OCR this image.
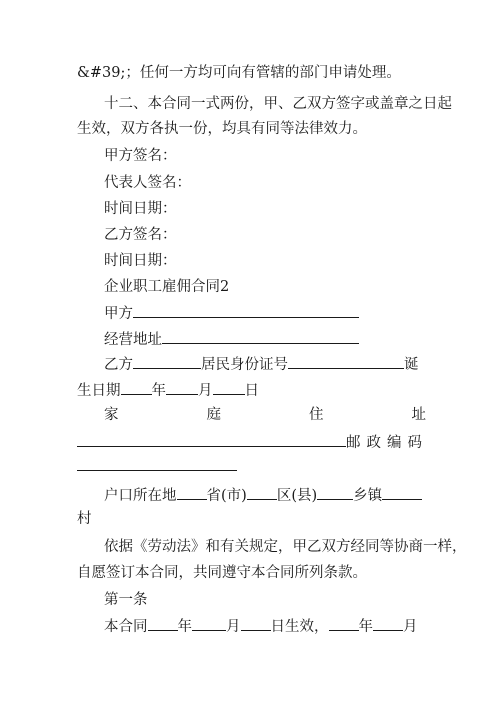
&#39;；任何一方均可向有管辖的部门申请处理。
十二、本合同一式两份，甲、乙双方签字或盖章之日起
生效，双方各执一份，均具有同等法律效力。
甲方签名：
代表人签名：
时间日期：
乙方签名：
时间日期：
企业职工雇佣合同2
甲方
经营地址
乙方	居民身份证号	诞
生日期 年 月 日
家	庭	住	址
邮政编码
户口所在地 省(市) 区(县) 乡镇
村
依据《劳动法》和有关规定，甲乙双方经同等协商一样，
自愿签订本合同，共同遵守本合同所列条款。
第一条
本合同 年 月 日生效， 年 月
